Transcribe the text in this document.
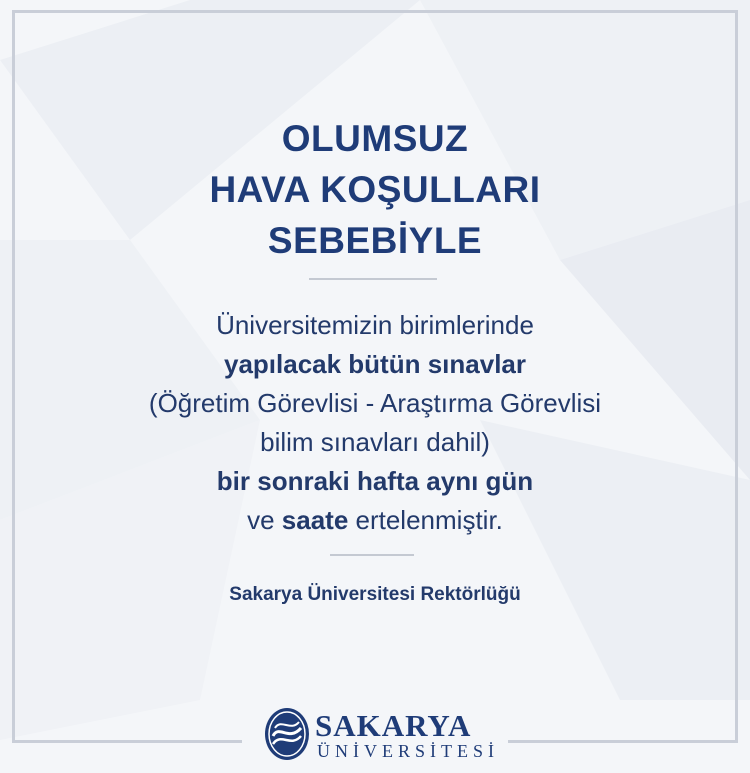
OLUMSUZ
HAVA KOŞULLARI
SEBEBİYLE
Üniversitemizin birimlerinde
yapılacak bütün sınavlar
(Öğretim Görevlisi - Araştırma Görevlisi
bilim sınavları dahil)
bir sonraki hafta aynı gün
ve saate ertelenmiştir.
Sakarya Üniversitesi Rektörlüğü
SAKARYA
ÜNİVERSİTESİ
